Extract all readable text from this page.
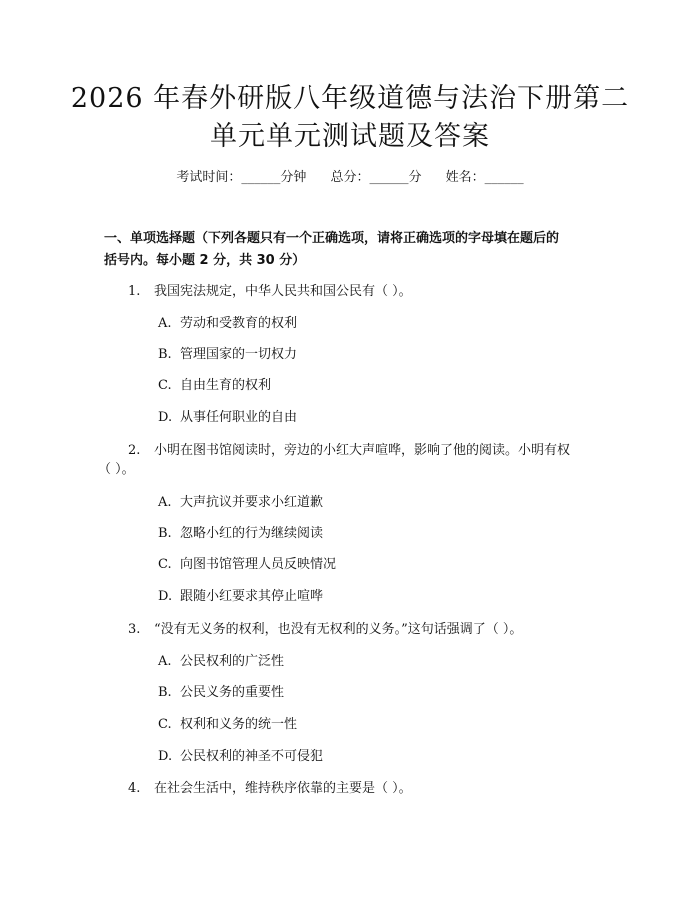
2026 年春外研版八年级道德与法治下册第二
单元单元测试题及答案
考试时间：______分钟 总分：______分 姓名：______
一、单项选择题（下列各题只有一个正确选项，请将正确选项的字母填在题后的
括号内。每小题 2 分，共 30 分）
1. 我国宪法规定，中华人民共和国公民有（ ）。
A. 劳动和受教育的权利
B. 管理国家的一切权力
C. 自由生育的权利
D. 从事任何职业的自由
2. 小明在图书馆阅读时，旁边的小红大声喧哗，影响了他的阅读。小明有权
（ ）。
A. 大声抗议并要求小红道歉
B. 忽略小红的行为继续阅读
C. 向图书馆管理人员反映情况
D. 跟随小红要求其停止喧哗
3. “没有无义务的权利，也没有无权利的义务。”这句话强调了（ ）。
A. 公民权利的广泛性
B. 公民义务的重要性
C. 权利和义务的统一性
D. 公民权利的神圣不可侵犯
4. 在社会生活中，维持秩序依靠的主要是（ ）。
